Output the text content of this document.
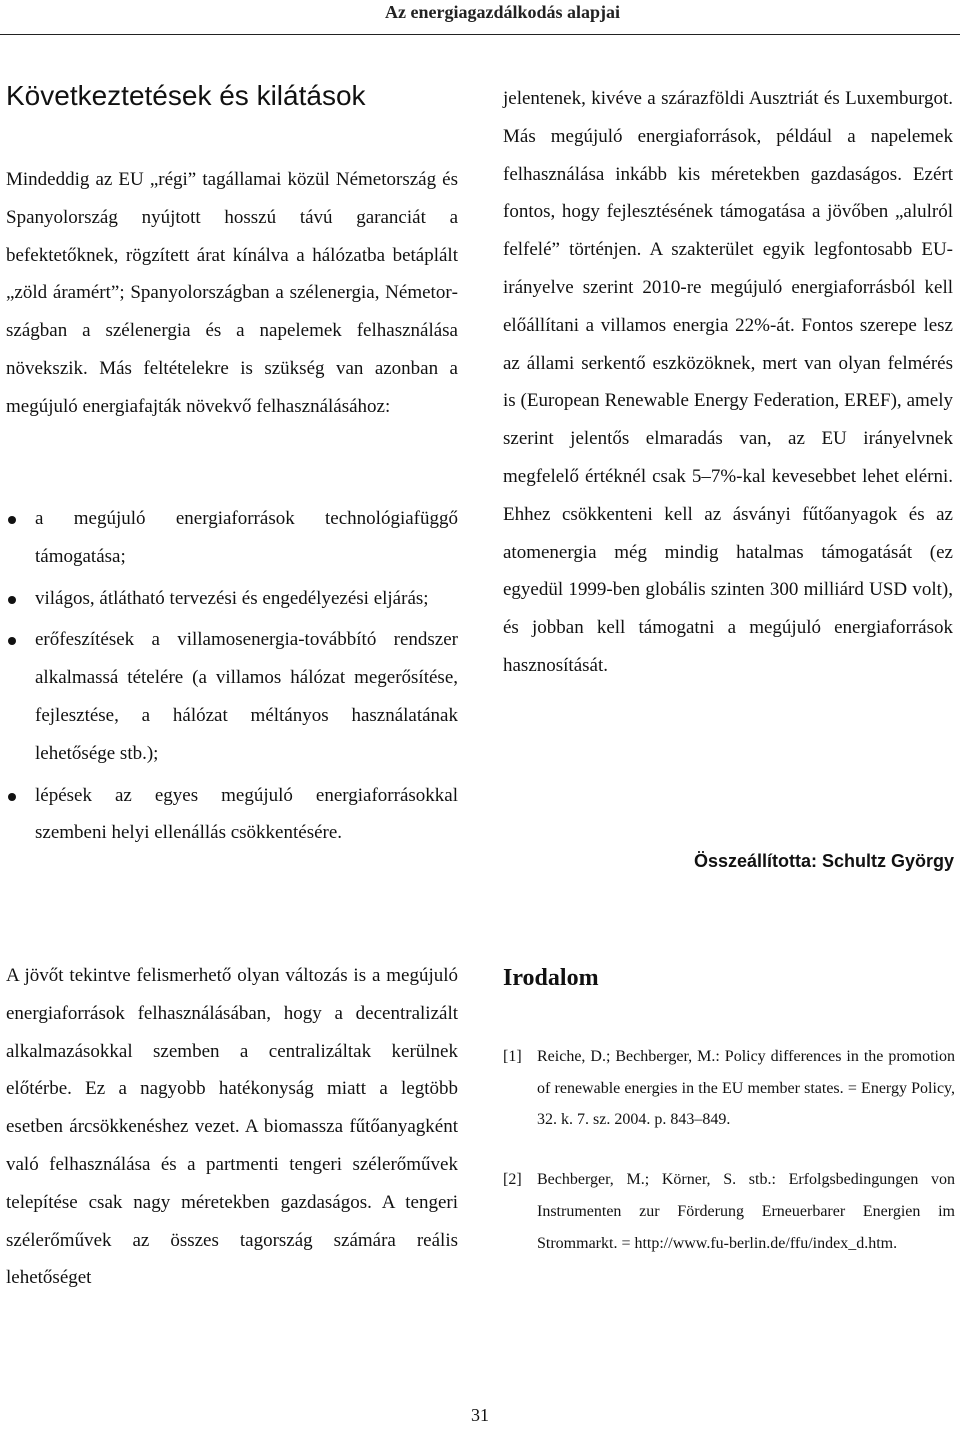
Az energiagazdálkodás alapjai
Következtetések és kilátások

Mindeddig az EU „régi” tagállamai közül Németország és Spanyolország nyújtott hosszú távú garanciát a befektetőknek, rögzített árat kínálva a hálózatba betáplált „zöld áramért”; Spanyolországban a szélenergia, Németországban a szélenergia és a napelemek felhasználása növekszik. Más feltételekre is szükség van azonban a megújuló energiafajták növekvő felhasználásához:

a megújuló energiaforrások technológiafüggő támogatása;
világos, átlátható tervezési és engedélyezési eljárás;
erőfeszítések a villamosenergia-továbbító rendszer alkalmassá tételére (a villamos hálózat megerősítése, fejlesztése, a hálózat méltányos használatának lehetősége stb.);
lépések az egyes megújuló energiaforrásokkal szembeni helyi ellenállás csökkentésére.

A jövőt tekintve felismerhető olyan változás is a megújuló energiaforrások felhasználásában, hogy a decentralizált alkalmazásokkal szemben a centralizáltak kerülnek előtérbe. Ez a nagyobb hatékonyság miatt a legtöbb esetben árcsökkenéshez vezet. A biomassza fűtőanyagként való felhasználása és a partmenti tengeri szélerőművek telepítése csak nagy méretekben gazdaságos. A tengeri szélerőművek az összes tagország számára reális lehetőséget

jelentenek, kivéve a szárazföldi Ausztriát és Luxemburgot. Más megújuló energiaforrások, például a napelemek felhasználása inkább kis méretekben gazdaságos. Ezért fontos, hogy fejlesztésének támogatása a jövőben „alulról felfelé” történjen. A szakterület egyik legfontosabb EU-irányelve szerint 2010-re megújuló energiaforrásból kell előállítani a villamos energia 22%-át. Fontos szerepe lesz az állami serkentő eszközöknek, mert van olyan felmérés is (European Renewable Energy Federation, EREF), amely szerint jelentős elmaradás van, az EU irányelvnek megfelelő értéknél csak 5–7%-kal kevesebbet lehet elérni. Ehhez csökkenteni kell az ásványi fűtőanyagok és az atomenergia még mindig hatalmas támogatását (ez egyedül 1999-ben globális szinten 300 milliárd USD volt), és jobban kell támogatni a megújuló energiaforrások hasznosítását.

Összeállította: Schultz György

Irodalom
[1] Reiche, D.; Bechberger, M.: Policy differences in the promotion of renewable energies in the EU member states. = Energy Policy, 32. k. 7. sz. 2004. p. 843–849.
[2] Bechberger, M.; Körner, S. stb.: Erfolgsbedingungen von Instrumenten zur Förderung Erneuerbarer Energien im Strommarkt. = http://www.fu-berlin.de/ffu/index_d.htm.
31
